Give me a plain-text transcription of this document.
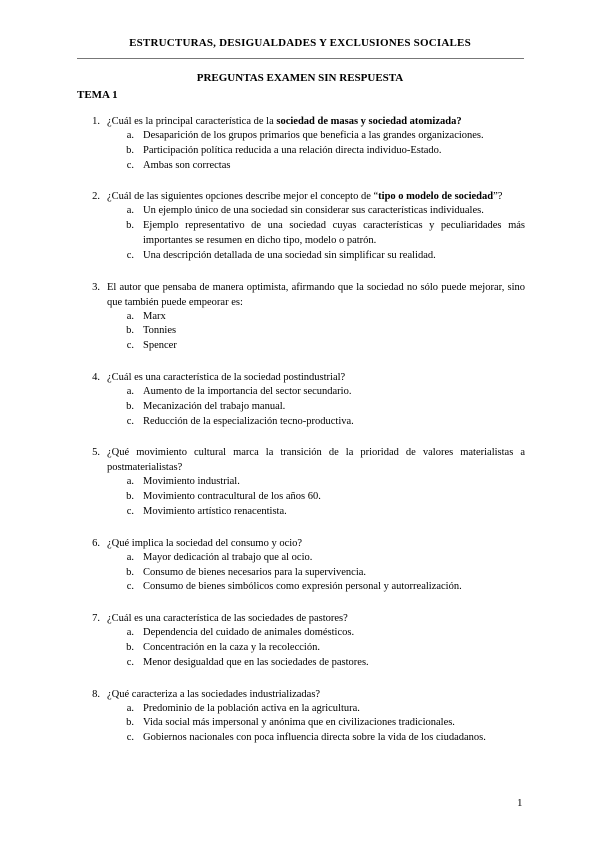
ESTRUCTURAS, DESIGUALDADES Y EXCLUSIONES SOCIALES
PREGUNTAS EXAMEN SIN RESPUESTA
TEMA 1
1. ¿Cuál es la principal característica de la sociedad de masas y sociedad atomizada?
a. Desaparición de los grupos primarios que beneficia a las grandes organizaciones.
b. Participación política reducida a una relación directa individuo-Estado.
c. Ambas son correctas
2. ¿Cuál de las siguientes opciones describe mejor el concepto de “tipo o modelo de sociedad”?
a. Un ejemplo único de una sociedad sin considerar sus características individuales.
b. Ejemplo representativo de una sociedad cuyas características y peculiaridades más importantes se resumen en dicho tipo, modelo o patrón.
c. Una descripción detallada de una sociedad sin simplificar su realidad.
3. El autor que pensaba de manera optimista, afirmando que la sociedad no sólo puede mejorar, sino que también puede empeorar es:
a. Marx
b. Tonnies
c. Spencer
4. ¿Cuál es una característica de la sociedad postindustrial?
a. Aumento de la importancia del sector secundario.
b. Mecanización del trabajo manual.
c. Reducción de la especialización tecno-productiva.
5. ¿Qué movimiento cultural marca la transición de la prioridad de valores materialistas a postmaterialistas?
a. Movimiento industrial.
b. Movimiento contracultural de los años 60.
c. Movimiento artístico renacentista.
6. ¿Qué implica la sociedad del consumo y ocio?
a. Mayor dedicación al trabajo que al ocio.
b. Consumo de bienes necesarios para la supervivencia.
c. Consumo de bienes simbólicos como expresión personal y autorrealización.
7. ¿Cuál es una característica de las sociedades de pastores?
a. Dependencia del cuidado de animales domésticos.
b. Concentración en la caza y la recolección.
c. Menor desigualdad que en las sociedades de pastores.
8. ¿Qué caracteriza a las sociedades industrializadas?
a. Predominio de la población activa en la agricultura.
b. Vida social más impersonal y anónima que en civilizaciones tradicionales.
c. Gobiernos nacionales con poca influencia directa sobre la vida de los ciudadanos.
1
